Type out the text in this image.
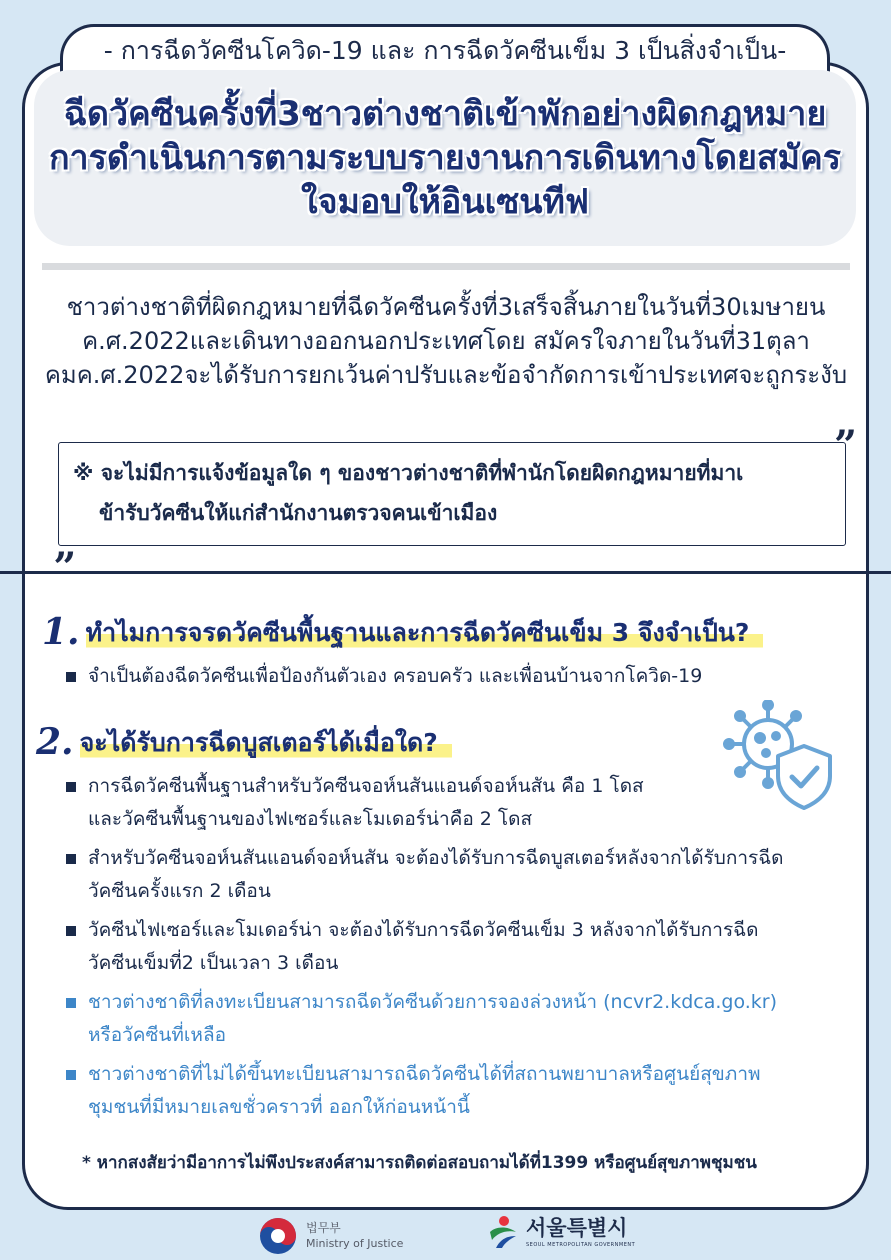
- การฉีดวัคซีนโควิด-19 และ การฉีดวัคซีนเข็ม 3 เป็นสิ่งจำเป็น-
ฉีดวัคซีนครั้งที่3ชาวต่างชาติเข้าพักอย่างผิดกฎหมายการดำเนินการตามระบบรายงานการเดินทางโดยสมัครใจมอบให้อินเซนทีฟ

ชาวต่างชาติที่ผิดกฎหมายที่ฉีดวัคซีนครั้งที่3เสร็จสิ้นภายในวันที่30เมษายนค.ศ.2022และเดินทางออกนอกประเทศโดย สมัครใจภายในวันที่31ตุลาคมค.ศ.2022จะได้รับการยกเว้นค่าปรับและข้อจำกัดการเข้าประเทศจะถูกระงับ

※ จะไม่มีการแจ้งข้อมูลใด ๆ ของชาวต่างชาติที่พำนักโดยผิดกฎหมายที่มาเ
ข้ารับวัคซีนให้แก่สำนักงานตรวจคนเข้าเมือง
”
„
1. ทำไมการจรดวัคซีนพื้นฐานและการฉีดวัคซีนเข็ม 3 จึงจำเป็น?
จำเป็นต้องฉีดวัคซีนเพื่อป้องกันตัวเอง ครอบครัว และเพื่อนบ้านจากโควิด-19
2. จะได้รับการฉีดบูสเตอร์ได้เมื่อใด?
การฉีดวัคซีนพื้นฐานสำหรับวัคซีนจอห์นสันแอนด์จอห์นสัน คือ 1 โดส และวัคซีนพื้นฐานของไฟเซอร์และโมเดอร์น่าคือ 2 โดส
สำหรับวัคซีนจอห์นสันแอนด์จอห์นสัน จะต้องได้รับการฉีดบูสเตอร์หลังจากได้รับการฉีดวัคซีนครั้งแรก 2 เดือน
วัคซีนไฟเซอร์และโมเดอร์น่า จะต้องได้รับการฉีดวัคซีนเข็ม 3 หลังจากได้รับการฉีดวัคซีนเข็มที่2 เป็นเวลา 3 เดือน
ชาวต่างชาติที่ลงทะเบียนสามารถฉีดวัคซีนด้วยการจองล่วงหน้า (ncvr2.kdca.go.kr) หรือวัคซีนที่เหลือ
ชาวต่างชาติที่ไม่ได้ขึ้นทะเบียนสามารถฉีดวัคซีนได้ที่สถานพยาบาลหรือศูนย์สุขภาพชุมชนที่มีหมายเลขชั่วคราวที่ ออกให้ก่อนหน้านี้
* หากสงสัยว่ามีอาการไม่พึงประสงค์สามารถติดต่อสอบถามได้ที่1399 หรือศูนย์สุขภาพชุมชน
법무부
Ministry of Justice
서울특별시
SEOUL METROPOLITAN GOVERNMENT
